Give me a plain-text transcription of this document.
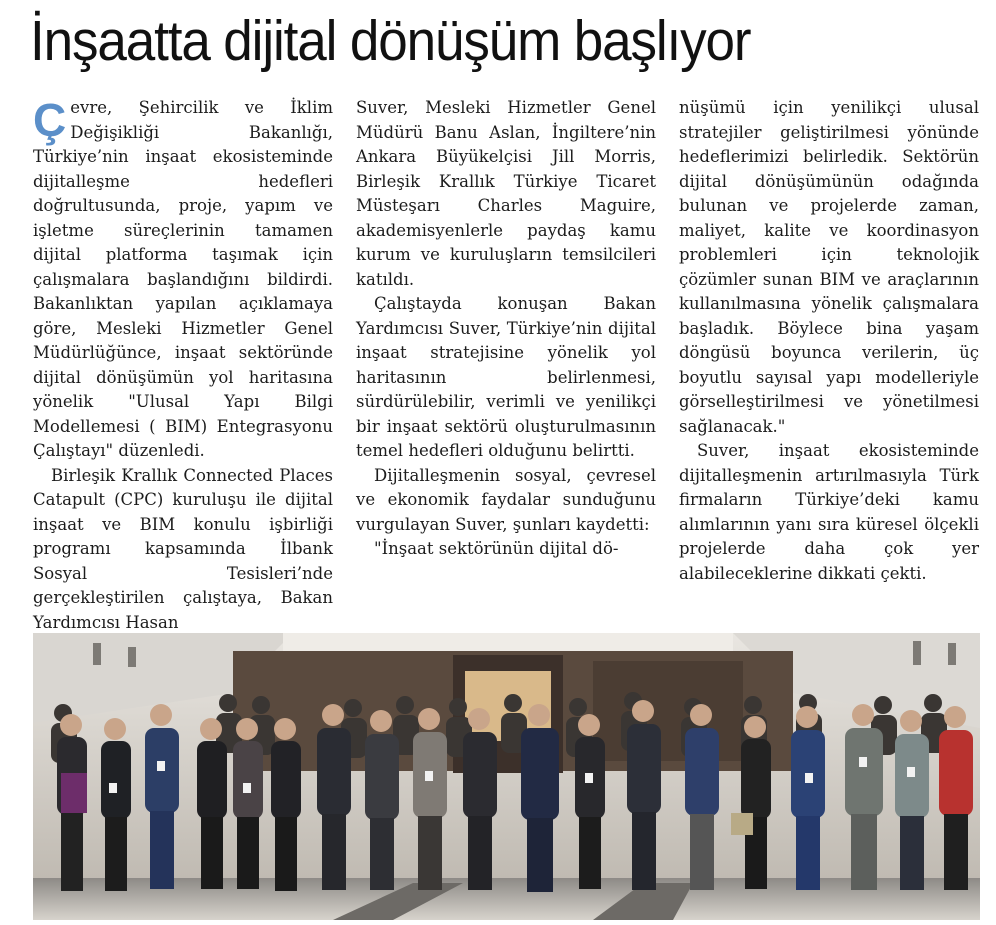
İnşaatta dijital dönüşüm başlıyor

Çevre, Şehircilik ve İklim Değişikliği Bakanlığı, Türkiye’nin inşaat ekosisteminde dijitalleşme hedefleri doğrultusunda, proje, yapım ve işletme süreçlerinin tamamen dijital platforma taşımak için çalışmalara başlandığını bildirdi. Bakanlıktan yapılan açıklamaya göre, Mesleki Hizmetler Genel Müdürlüğünce, inşaat sektöründe dijital dönüşümün yol haritasına yönelik "Ulusal Yapı Bilgi Modellemesi ( BIM) Entegrasyonu Çalıştayı" düzenledi.

Birleşik Krallık Connected Places Catapult (CPC) kuruluşu ile dijital inşaat ve BIM konulu işbirliği programı kapsamında İlbank Sosyal Tesisleri’nde gerçekleştirilen çalıştaya, Bakan Yardımcısı Hasan

Suver, Mesleki Hizmetler Genel Müdürü Banu Aslan, İngiltere’nin Ankara Büyükelçisi Jill Morris, Birleşik Krallık Türkiye Ticaret Müsteşarı Charles Maguire, akademisyenlerle paydaş kamu kurum ve kuruluşların temsilcileri katıldı.

Çalıştayda konuşan Bakan Yardımcısı Suver, Türkiye’nin dijital inşaat stratejisine yönelik yol haritasının belirlenmesi, sürdürülebilir, verimli ve yenilikçi bir inşaat sektörü oluşturulmasının temel hedefleri olduğunu belirtti.

Dijitalleşmenin sosyal, çevresel ve ekonomik faydalar sunduğunu vurgulayan Suver, şunları kaydetti:

"İnşaat sektörünün dijital dö-

nüşümü için yenilikçi ulusal stratejiler geliştirilmesi yönünde hedeflerimizi belirledik. Sektörün dijital dönüşümünün odağında bulunan ve projelerde zaman, maliyet, kalite ve koordinasyon problemleri için teknolojik çözümler sunan BIM ve araçlarının kullanılmasına yönelik çalışmalara başladık. Böylece bina yaşam döngüsü boyunca verilerin, üç boyutlu sayısal yapı modelleriyle görselleştirilmesi ve yönetilmesi sağlanacak."

Suver, inşaat ekosisteminde dijitalleşmenin artırılmasıyla Türk firmaların Türkiye’deki kamu alımlarının yanı sıra küresel ölçekli projelerde daha çok yer alabileceklerine dikkati çekti.
